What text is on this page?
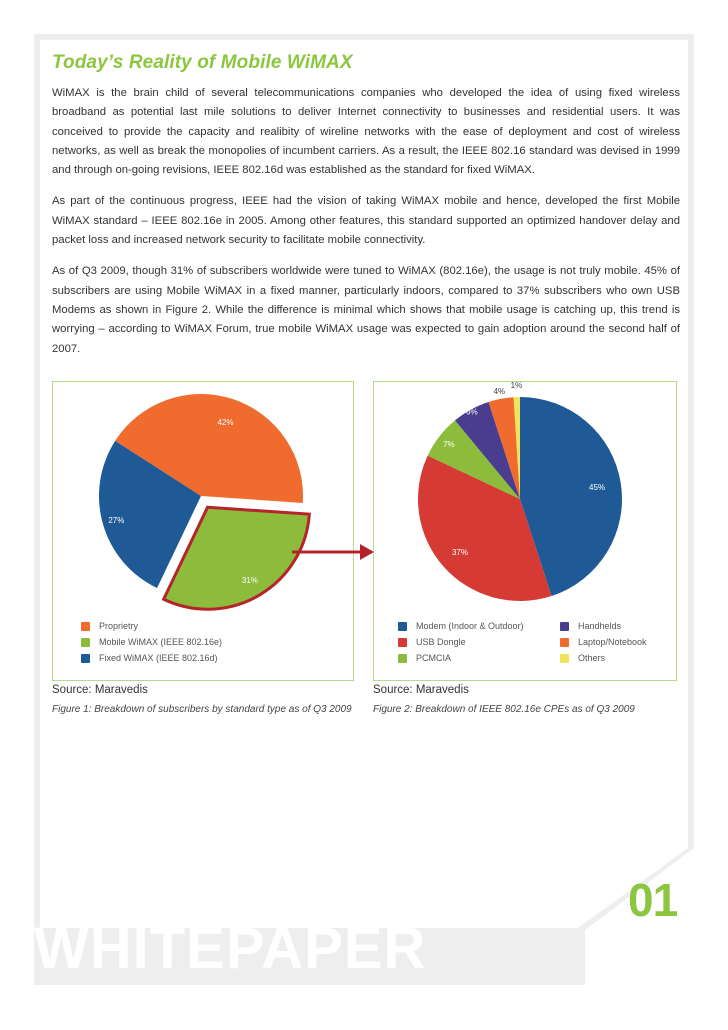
Today’s Reality of Mobile WiMAX

WiMAX is the brain child of several telecommunications companies who developed the idea of using fixed wireless broadband as potential last mile solutions to deliver Internet connectivity to businesses and residential users. It was conceived to provide the capacity and realibity of wireline networks with the ease of deployment and cost of wireless networks, as well as break the monopolies of incumbent carriers. As a result, the IEEE 802.16 standard was devised in 1999 and through on-going revisions, IEEE 802.16d was established as the standard for fixed WiMAX.

As part of the continuous progress, IEEE had the vision of taking WiMAX mobile and hence, developed the first Mobile WiMAX standard – IEEE 802.16e in 2005. Among other features, this standard supported an optimized handover delay and packet loss and increased network security to facilitate mobile connectivity.

As of Q3 2009, though 31% of subscribers worldwide were tuned to WiMAX (802.16e), the usage is not truly mobile. 45% of subscribers are using Mobile WiMAX in a fixed manner, particularly indoors, compared to 37% subscribers who own USB Modems as shown in Figure 2. While the difference is minimal which shows that mobile usage is catching up, this trend is worrying – according to WiMAX Forum, true mobile WiMAX usage was expected to gain adoption around the second half of 2007.

42%
31%
27%
Proprietry
Mobile WiMAX (IEEE 802.16e)
Fixed WiMAX (IEEE 802.16d)
45%
37%
7%
6%
4%
1%
Modem (Indoor & Outdoor)
USB Dongle
PCMCIA
Handhelds
Laptop/Notebook
Others
Source: Maravedis
Figure 1: Breakdown of subscribers by standard type as of Q3 2009
Source: Maravedis
Figure 2: Breakdown of IEEE 802.16e CPEs as of Q3 2009
01
WHITEPAPER
